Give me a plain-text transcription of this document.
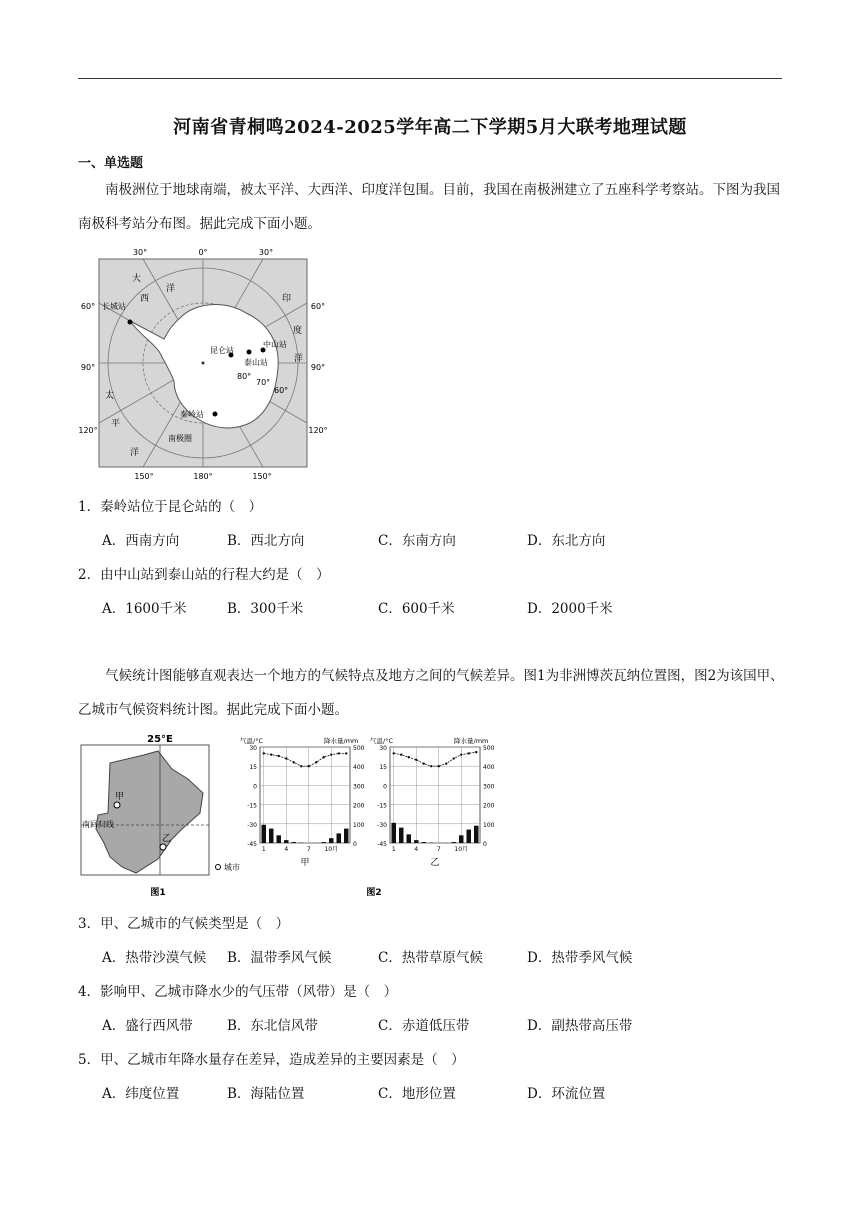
河南省青桐鸣2024-2025学年高二下学期5月大联考地理试题
一、单选题

南极洲位于地球南端，被太平洋、大西洋、印度洋包围。目前，我国在南极洲建立了五座科学考察站。下图为我国南极科考站分布图。据此完成下面小题。

30°	0°	30°
60°	60°
90°	90°
120°	120°
150°	180°	150°
80°
70°
60°
大
西
洋
印
度
洋
太
平
洋
长城站
昆仑站
中山站
泰山站
秦岭站
南极圈
1．秦岭站位于昆仑站的（　）
A．西南方向	B．西北方向	C．东南方向	D．东北方向
2．由中山站到泰山站的行程大约是（　）
A．1600千米	B．300千米	C．600千米	D．2000千米

气候统计图能够直观表达一个地方的气候特点及地方之间的气候差异。图1为非洲博茨瓦纳位置图，图2为该国甲、乙城市气候资料统计图。据此完成下面小题。

25°E
南回归线
甲
乙
城市
图1
30	500
15	400
0	300
-15	200
-30	100
-45	0
1	4	7 10月
气温/°C	降水量/mm
甲
30	500
15	400
0	300
-15	200
-30	100
-45	0
1	4	7 10月
气温/°C	降水量/mm
乙
图2
3．甲、乙城市的气候类型是（　）
A．热带沙漠气候 B．温带季风气候	C．热带草原气候	D．热带季风气候
4．影响甲、乙城市降水少的气压带（风带）是（　）
A．盛行西风带	B．东北信风带	C．赤道低压带	D．副热带高压带
5．甲、乙城市年降水量存在差异，造成差异的主要因素是（　）
A．纬度位置	B．海陆位置	C．地形位置	D．环流位置
